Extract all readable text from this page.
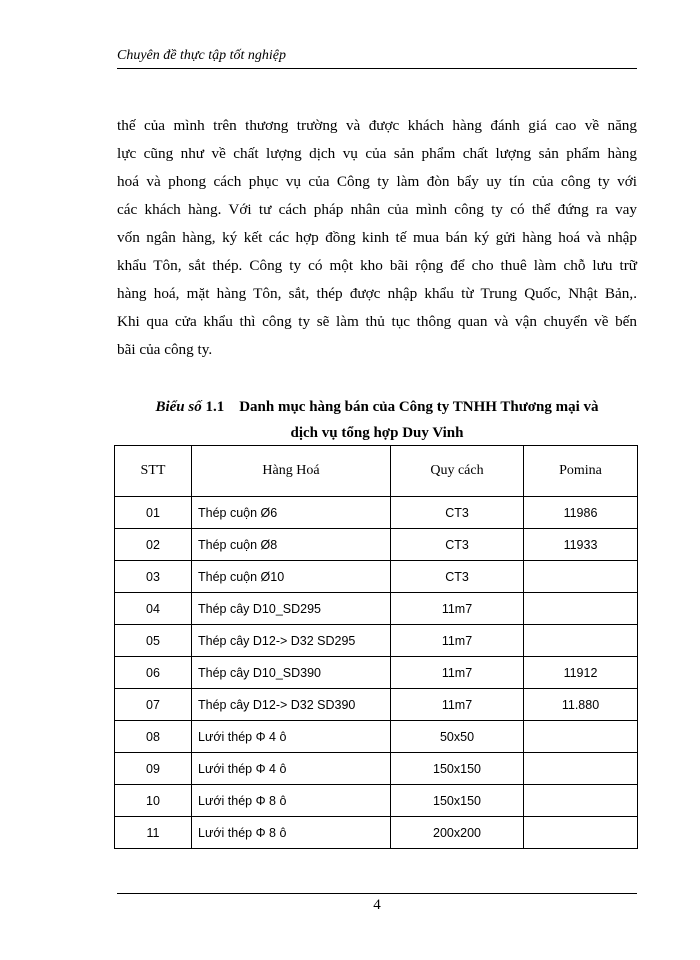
Chuyên đề thực tập tốt nghiệp

thế của mình trên thương trường và được khách hàng đánh giá cao về năng

lực cũng như về chất lượng dịch vụ của sản phẩm chất lượng sản phẩm hàng

hoá và phong cách phục vụ của Công ty làm đòn bẩy uy tín của công ty với

các khách hàng. Với tư cách pháp nhân của mình công ty có thể đứng ra vay

vốn ngân hàng, ký kết các hợp đồng kinh tế mua bán ký gửi hàng hoá và nhập

khẩu Tôn, sắt thép. Công ty có một kho bãi rộng để cho thuê làm chỗ lưu trữ

hàng hoá, mặt hàng Tôn, sắt, thép được nhập khẩu từ Trung Quốc, Nhật Bản,.

Khi qua cửa khẩu thì công ty sẽ làm thủ tục thông quan và vận chuyển về bến

bãi của công ty.

Biểu số 1.1 Danh mục hàng bán của Công ty TNHH Thương mại và
dịch vụ tổng hợp Duy Vinh
STT	Hàng Hoá	Quy cách	Pomina
01	Thép cuộn Ø6	CT3	11986
02	Thép cuộn Ø8	CT3	11933
03	Thép cuộn Ø10	CT3	
04	Thép cây D10_SD295	11m7	
05	Thép cây D12-> D32 SD295	11m7	
06	Thép cây D10_SD390	11m7	11912
07	Thép cây D12-> D32 SD390	11m7	11.880
08	Lưới thép Φ 4 ô	50x50	
09	Lưới thép Φ 4 ô	150x150	
10	Lưới thép Φ 8 ô	150x150	
11	Lưới thép Φ 8 ô	200x200	
4
